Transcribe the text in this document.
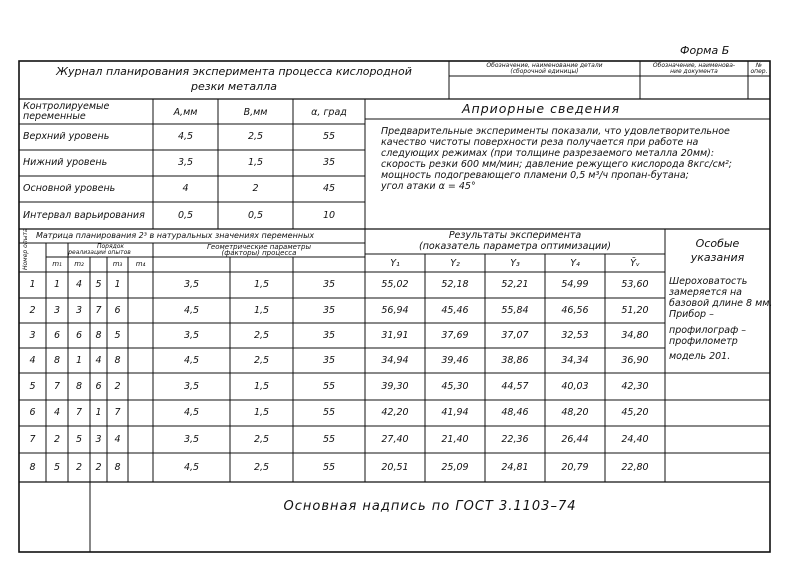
Форма Б
Журнал планирования эксперимента процесса кислородной
резки металла
Обозначение, наименование детали
(сборочной единицы)
Обозначение, наименова-
ние документа
№
опер.
Контролируемые
переменные	А,мм	В,мм	α, град
Верхний уровень	4,5	2,5	55
Нижний уровень	3,5	1,5	35
Основной уровень	4	2	45
Интервал варьирования	0,5	0,5	10
Априорные сведения
Предварительные эксперименты показали, что удовлетворительное
качество чистоты поверхности реза получается при работе на
следующих режимах (при толщине разрезаемого металла 20мм):
скорость резки 600 мм/мин; давление режущего кислорода 8кгс/см²;
мощность подогревающего пламени 0,5 м³/ч пропан-бутана;
угол атаки α = 45°
Матрица планирования 2³ в натуральных значениях переменных
Номер опыта	Порядок
реализации опытов
m₁	m₂	m₃	m₄
Геометрические параметры
(факторы) процесса
Результаты эксперимента
(показатель параметра оптимизации)
Y₁	Y₂	Y₃	Y₄	Ȳᵥ
Особые
указания
Шероховатость
замеряется на
базовой длине 8 мм.
Прибор –
профилограф –
профилометр
модель 201.
1	1	4	5	1	3,5	1,5	35	55,02	52,18	52,21	54,99	53,60
2	3	3	7	6	4,5	1,5	35	56,94	45,46	55,84	46,56	51,20
3	6	6	8	5	3,5	2,5	35	31,91	37,69	37,07	32,53	34,80
4	8	1	4	8	4,5	2,5	35	34,94	39,46	38,86	34,34	36,90
5	7	8	6	2	3,5	1,5	55	39,30	45,30	44,57	40,03	42,30
6	4	7	1	7	4,5	1,5	55	42,20	41,94	48,46	48,20	45,20
7	2	5	3	4	3,5	2,5	55	27,40	21,40	22,36	26,44	24,40
8	5	2	2	8	4,5	2,5	55	20,51	25,09	24,81	20,79	22,80
Основная надпись по ГОСТ 3.1103–74
